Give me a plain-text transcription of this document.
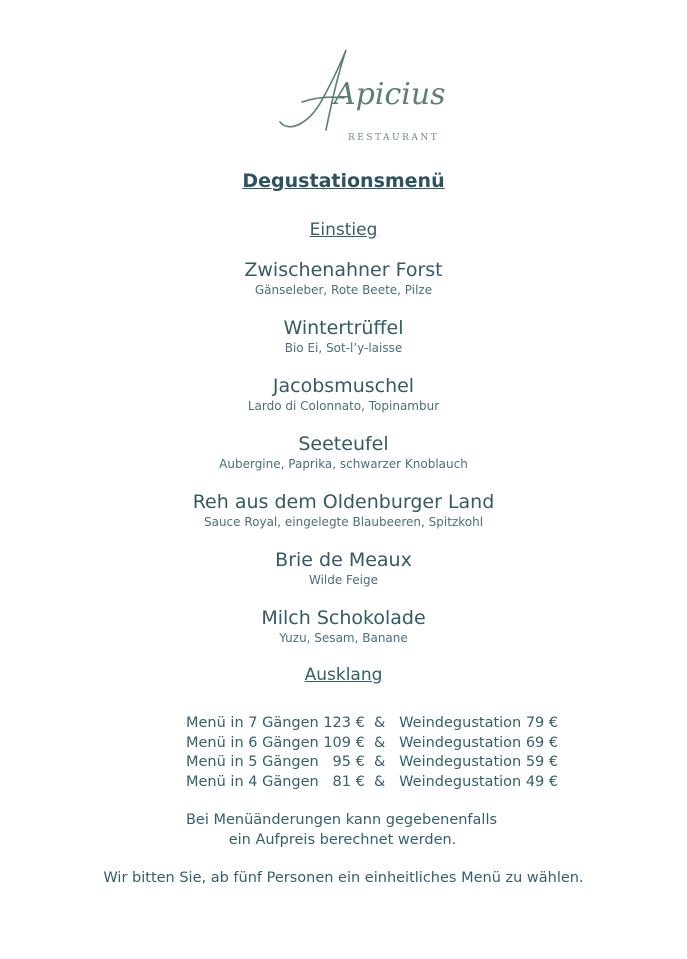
Apicius
RESTAURANT
Degustationsmenü
Einstieg
Zwischenahner Forst
Gänseleber, Rote Beete, Pilze
Wintertrüffel
Bio Ei, Sot-l’y-laisse
Jacobsmuschel
Lardo di Colonnato, Topinambur
Seeteufel
Aubergine, Paprika, schwarzer Knoblauch
Reh aus dem Oldenburger Land
Sauce Royal, eingelegte Blaubeeren, Spitzkohl
Brie de Meaux
Wilde Feige
Milch Schokolade
Yuzu, Sesam, Banane
Ausklang
Menü in 7 Gängen 123 €  &   Weindegustation 79 €
Menü in 6 Gängen 109 €  &   Weindegustation 69 €
Menü in 5 Gängen   95 €  &   Weindegustation 59 €
Menü in 4 Gängen   81 €  &   Weindegustation 49 €
Bei Menüänderungen kann gegebenenfalls
ein Aufpreis berechnet werden.
Wir bitten Sie, ab fünf Personen ein einheitliches Menü zu wählen.
